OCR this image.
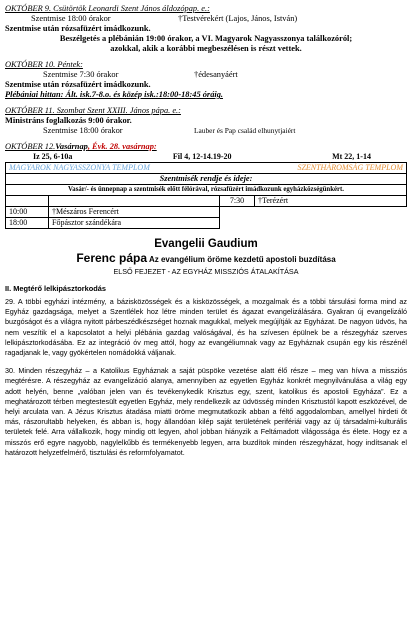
OKTÓBER 9. Csütörtök Leonardi Szent János áldozópap. e.:
Szentmise 18:00 órakor	†Testvérekért (Lajos, János, István)
Szentmise után rózsafüzért imádkozunk.
Beszélgetés a plébánián 19:00 órakor, a VI. Magyarok Nagyasszonya találkozóról;
azokkal, akik a korábbi megbeszélésen is részt vettek.
OKTÓBER 10. Péntek:
Szentmise 7:30 órakor	†édesanyáért
Szentmise után rózsafüzért imádkozunk.
Plébániai hittan: Ált. isk.7-8.o. és közép isk.:18:00-18:45 óráig.
OKTÓBER 11. Szombat Szent XXIII. János pápa. e.:
Ministráns foglalkozás 9:00 órakor.
Szentmise 18:00 órakor	Lauber és Pap család elhunytjaiért
OKTÓBER 12.Vasárnap, Évk. 28. vasárnap:
Iz 25, 6-10a	Fil 4, 12-14.19-20	Mt 22, 1-14
MAGYAROK NAGYASSZONYA TEMPLOM		SZENTHÁROMSÁG TEMPLOM	
Szentmisék rendje és ideje:			
Vasár/- és ünnepnap a szentmisék előtt félórával, rózsafüzért imádkozunk egyházközségünkért.			
		7:30	†Terézért
10:00	†Mészáros Ferencért		
18:00	Főpásztor szándékára		
Evangelii Gaudium
Ferenc pápa Az evangélium öröme kezdetű apostoli buzdítása
ELSŐ FEJEZET - AZ EGYHÁZ MISSZIÓS ÁTALAKÍTÁSA
II. Megtérő lelkipásztorkodás

29. A többi egyházi intézmény, a bázisközösségek és a kisközösségek, a mozgalmak és a többi társulási forma mind az Egyház gazdagsága, melyet a Szentlélek hoz létre minden terület és ágazat evangelizálására. Gyakran új evangelizáló buzgóságot és a világra nyitott párbeszédkészséget hoznak magukkal, melyek megújítják az Egyházat. De nagyon üdvös, ha nem veszítik el a kapcsolatot a helyi plébánia gazdag valóságával, és ha szívesen épülnek be a részegyház szerves lelkipásztorkodásába. Ez az integráció óv meg attól, hogy az evangéliumnak vagy az Egyháznak csupán egy kis részénél ragadjanak le, vagy gyökértelen nomádokká váljanak.

30. Minden részegyház – a Katolikus Egyháznak a saját püspöke vezetése alatt élő része – meg van hívva a missziós megtérésre. A részegyház az evangelizáció alanya, amennyiben az egyetlen Egyház konkrét megnyilvánulása a világ egy adott helyén, benne „valóban jelen van és tevékenykedik Krisztus egy, szent, katolikus és apostoli Egyháza”. Ez a meghatározott térben megtestesült egyetlen Egyház, mely rendelkezik az üdvösség minden Krisztustól kapott eszközével, de helyi arculata van. A Jézus Krisztus átadása miatti öröme megmutatkozik abban a féltő aggodalomban, amellyel hirdeti őt más, rászorultabb helyeken, és abban is, hogy állandóan kilép saját területének perifériái vagy az új társadalmi-kulturális területek felé. Arra vállalkozik, hogy mindig ott legyen, ahol jobban hiányzik a Feltámadott világossága és élete. Hogy ez a misszós erő egyre nagyobb, nagylelkűbb és termékenyebb legyen, arra buzdítok minden részegyházat, hogy indítsanak el határozott helyzetfelmérő, tisztulási és reformfolyamatot.
